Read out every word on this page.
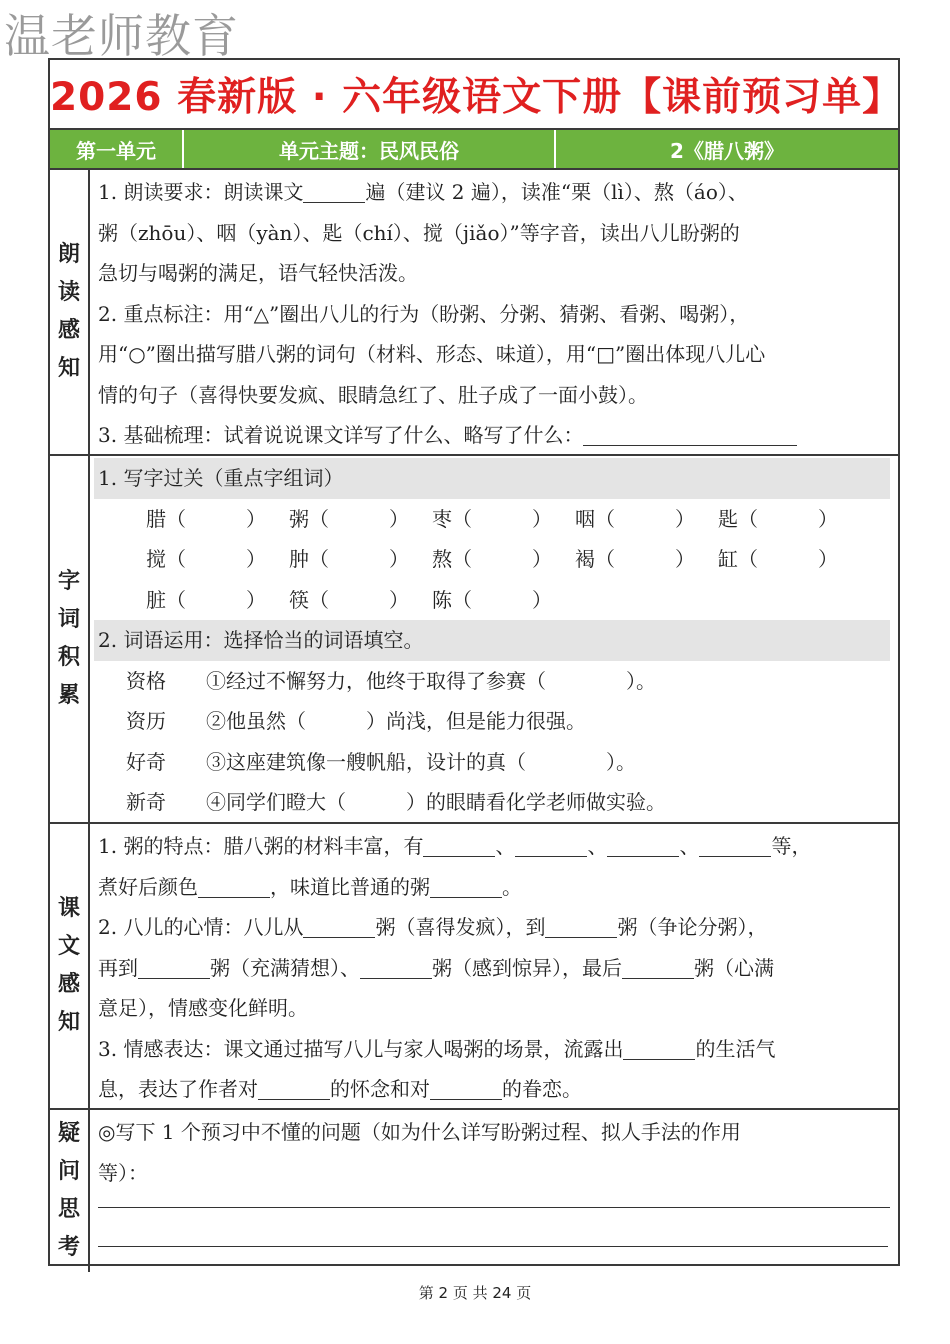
温老师教育
2026 春新版 · 六年级语文下册【课前预习单】
第一单元	单元主题：民风民俗	2《腊八粥》
朗
读
感
知
1. 朗读要求：朗读课文	遍（建议 2 遍），读准“栗（lì）、熬（áo）、
粥（zhōu）、咽（yàn）、匙（chí）、搅（jiǎo）”等字音，读出八儿盼粥的
急切与喝粥的满足，语气轻快活泼。
2. 重点标注：用“△”圈出八儿的行为（盼粥、分粥、猜粥、看粥、喝粥），
用“○”圈出描写腊八粥的词句（材料、形态、味道），用“□”圈出体现八儿心
情的句子（喜得快要发疯、眼睛急红了、肚子成了一面小鼓）。
3. 基础梳理：试着说说课文详写了什么、略写了什么：
字
词
积
累
1. 写字过关（重点字组词）
腊（　　　）	粥（　　　）	枣（　　　）	咽（　　　）	匙（　　　）
搅（　　　）	肿（　　　）	熬（　　　）	褐（　　　）	缸（　　　）
脏（　　　）	筷（　　　）	陈（　　　）
2. 词语运用：选择恰当的词语填空。
资格	①经过不懈努力，他终于取得了参赛（　　　　）。
资历	②他虽然（　　　）尚浅，但是能力很强。
好奇	③这座建筑像一艘帆船，设计的真（　　　　）。
新奇	④同学们瞪大（　　　）的眼睛看化学老师做实验。
课
文
感
知
1. 粥的特点：腊八粥的材料丰富，有	、	、	、	等，
煮好后颜色	，味道比普通的粥	。
2. 八儿的心情：八儿从	粥（喜得发疯），到	粥（争论分粥），
再到	粥（充满猜想）、	粥（感到惊异），最后	粥（心满
意足），情感变化鲜明。
3. 情感表达：课文通过描写八儿与家人喝粥的场景，流露出	的生活气
息，表达了作者对	的怀念和对	的眷恋。
疑
问
思
考
◎写下 1 个预习中不懂的问题（如为什么详写盼粥过程、拟人手法的作用
等）：
第 2 页 共 24 页
